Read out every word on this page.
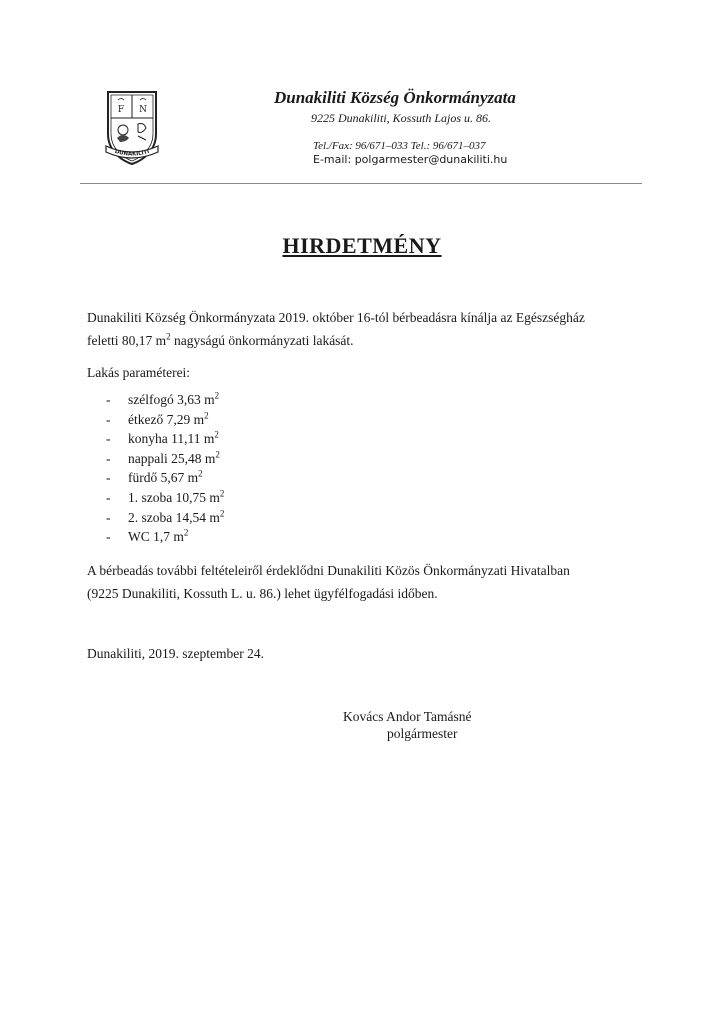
F N
DUNAKILITI
Dunakiliti Község Önkormányzata
9225 Dunakiliti, Kossuth Lajos u. 86.
Tel./Fax: 96/671–033 Tel.: 96/671–037
E-mail: polgarmester@dunakiliti.hu
HIRDETMÉNY

Dunakiliti Község Önkormányzata 2019. október 16-tól bérbeadásra kínálja az Egészségház

feletti 80,17 $m^2$ nagyságú önkormányzati lakását.

Lakás paraméterei:
- szélfogó 3,63 $m^2$
- étkező 7,29 $m^2$
- konyha 11,11 $m^2$
- nappali 25,48 $m^2$
- fürdő 5,67 $m^2$
- 1. szoba 10,75 $m^2$
- 2. szoba 14,54 $m^2$
- WC 1,7 $m^2$

A bérbeadás további feltételeiről érdeklődni Dunakiliti Közös Önkormányzati Hivatalban

(9225 Dunakiliti, Kossuth L. u. 86.) lehet ügyfélfogadási időben.

Dunakiliti, 2019. szeptember 24.
Kovács Andor Tamásné
polgármester
